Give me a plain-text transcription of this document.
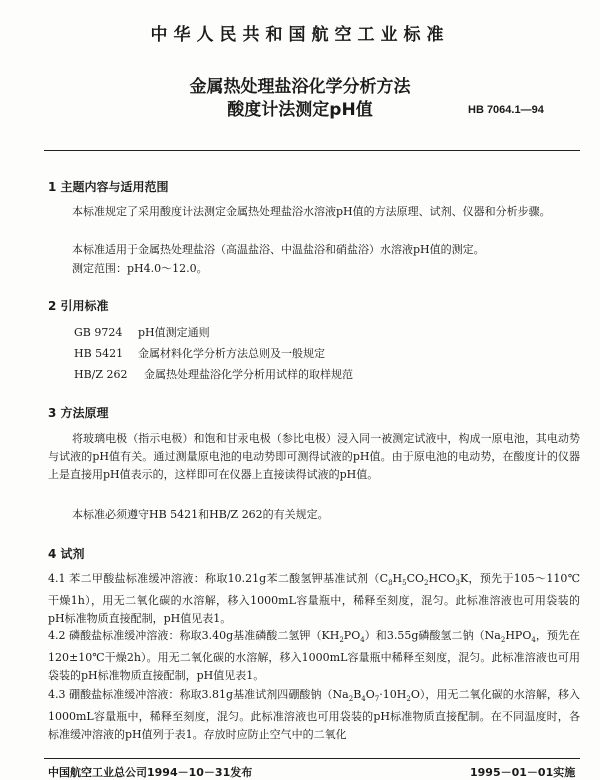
中华人民共和国航空工业标准
金属热处理盐浴化学分析方法
酸度计法测定pH值	HB 7064.1—94
1 主题内容与适用范围

本标准规定了采用酸度计法测定金属热处理盐浴水溶液pH值的方法原理、试剂、仪器和分析步骤。

本标准适用于金属热处理盐浴（高温盐浴、中温盐浴和硝盐浴）水溶液pH值的测定。

测定范围：pH4.0～12.0。

2 引用标准
GB 9724 pH值测定通则
HB 5421 金属材料化学分析方法总则及一般规定
HB/Z 262 金属热处理盐浴化学分析用试样的取样规范
3 方法原理

将玻璃电极（指示电极）和饱和甘汞电极（参比电极）浸入同一被测定试液中，构成一原电池，其电动势与试液的pH值有关。通过测量原电池的电动势即可测得试液的pH值。由于原电池的电动势，在酸度计的仪器上是直接用pH值表示的，这样即可在仪器上直接读得试液的pH值。

本标准必须遵守HB 5421和HB/Z 262的有关规定。

4 试剂

4.1 苯二甲酸盐标准缓冲溶液：称取10.21g苯二酸氢钾基准试剂（$C_8H_5CO_2HCO_3K$，预先于105～110℃干燥1h），用无二氧化碳的水溶解，移入1000mL容量瓶中，稀释至刻度，混匀。此标准溶液也可用袋装的pH标准物质直接配制，pH值见表1。

4.2 磷酸盐标准缓冲溶液：称取3.40g基准磷酸二氢钾$(KH_2PO_4)$和3.55g磷酸氢二钠（$Na_2HPO_4$，预先在120±10℃干燥2h）。用无二氧化碳的水溶解，移入1000mL容量瓶中稀释至刻度，混匀。此标准溶液也可用袋装的pH标准物质直接配制，pH值见表1。

4.3 硼酸盐标准缓冲溶液：称取3.81g基准试剂四硼酸钠$(Na_2B_4O_7\cdot 10H_2O)$，用无二氧化碳的水溶解，移入1000mL容量瓶中，稀释至刻度，混匀。此标准溶液也可用袋装的pH标准物质直接配制。在不同温度时，各标准缓冲溶液的pH值列于表1。存放时应防止空气中的二氧化

中国航空工业总公司1994－10－31发布	1995－01－01实施
